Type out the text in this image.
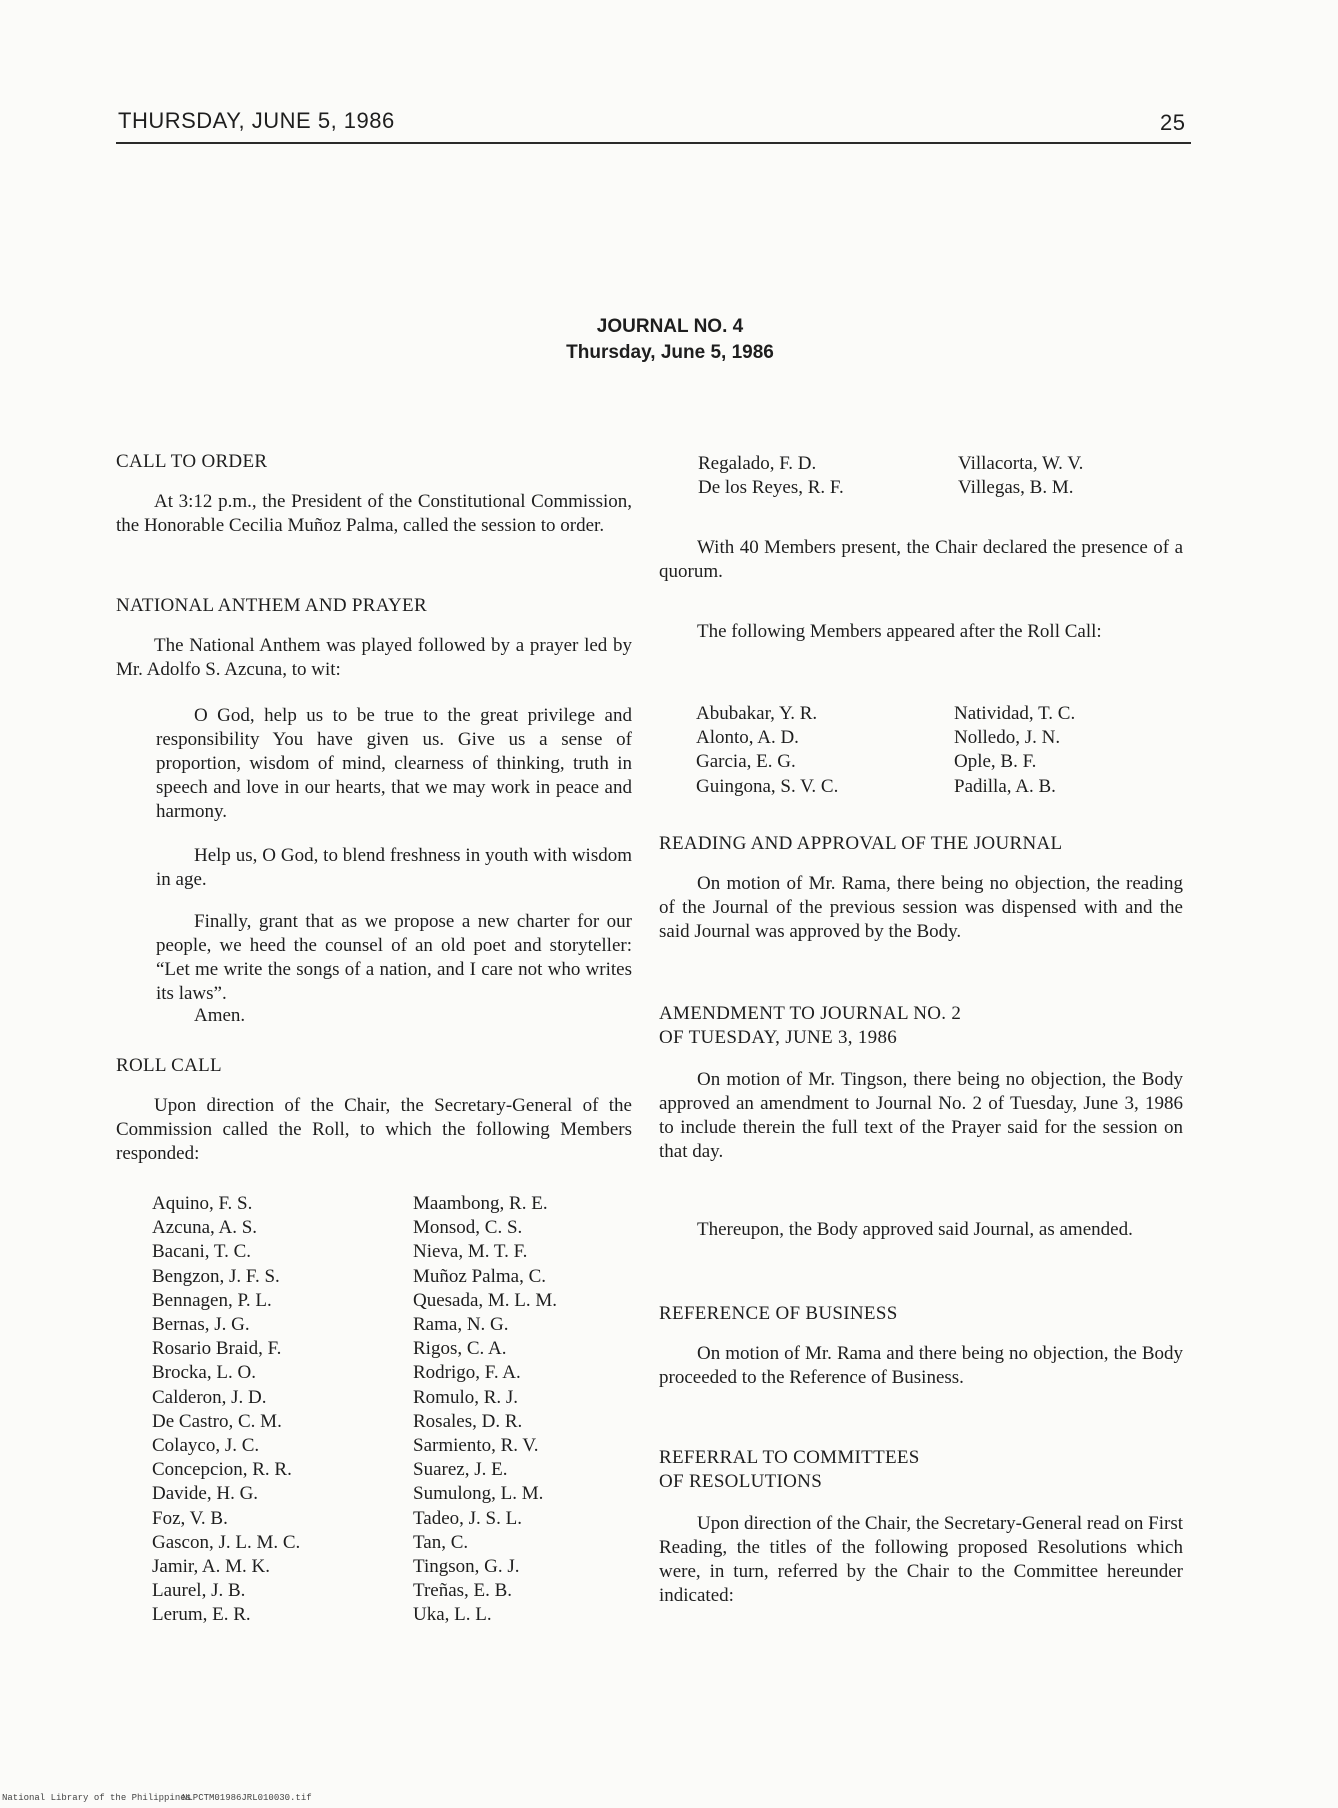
THURSDAY, JUNE 5, 1986	25
JOURNAL NO. 4
Thursday, June 5, 1986
CALL TO ORDER
At 3:12 p.m., the President of the Constitutional Commission, the Honorable Cecilia Muñoz Palma, called the session to order.
NATIONAL ANTHEM AND PRAYER
The National Anthem was played followed by a prayer led by Mr. Adolfo S. Azcuna, to wit:
O God, help us to be true to the great privilege and responsibility You have given us. Give us a sense of proportion, wisdom of mind, clearness of thinking, truth in speech and love in our hearts, that we may work in peace and harmony.
Help us, O God, to blend freshness in youth with wisdom in age.
Finally, grant that as we propose a new charter for our people, we heed the counsel of an old poet and storyteller: “Let me write the songs of a nation, and I care not who writes its laws”.
Amen.
ROLL CALL
Upon direction of the Chair, the Secretary-General of the Commission called the Roll, to which the following Members responded:
Aquino, F. S.
Azcuna, A. S.
Bacani, T. C.
Bengzon, J. F. S.
Bennagen, P. L.
Bernas, J. G.
Rosario Braid, F.
Brocka, L. O.
Calderon, J. D.
De Castro, C. M.
Colayco, J. C.
Concepcion, R. R.
Davide, H. G.
Foz, V. B.
Gascon, J. L. M. C.
Jamir, A. M. K.
Laurel, J. B.
Lerum, E. R.
Maambong, R. E.
Monsod, C. S.
Nieva, M. T. F.
Muñoz Palma, C.
Quesada, M. L. M.
Rama, N. G.
Rigos, C. A.
Rodrigo, F. A.
Romulo, R. J.
Rosales, D. R.
Sarmiento, R. V.
Suarez, J. E.
Sumulong, L. M.
Tadeo, J. S. L.
Tan, C.
Tingson, G. J.
Treñas, E. B.
Uka, L. L.
Regalado, F. D.
De los Reyes, R. F.
Villacorta, W. V.
Villegas, B. M.
With 40 Members present, the Chair declared the presence of a quorum.
The following Members appeared after the Roll Call:
Abubakar, Y. R.
Alonto, A. D.
Garcia, E. G.
Guingona, S. V. C.
Natividad, T. C.
Nolledo, J. N.
Ople, B. F.
Padilla, A. B.
READING AND APPROVAL OF THE JOURNAL
On motion of Mr. Rama, there being no objection, the reading of the Journal of the previous session was dispensed with and the said Journal was approved by the Body.
AMENDMENT TO JOURNAL NO. 2
OF TUESDAY, JUNE 3, 1986
On motion of Mr. Tingson, there being no objection, the Body approved an amendment to Journal No. 2 of Tuesday, June 3, 1986 to include therein the full text of the Prayer said for the session on that day.
Thereupon, the Body approved said Journal, as amended.
REFERENCE OF BUSINESS
On motion of Mr. Rama and there being no objection, the Body proceeded to the Reference of Business.
REFERRAL TO COMMITTEES
OF RESOLUTIONS
Upon direction of the Chair, the Secretary-General read on First Reading, the titles of the following proposed Resolutions which were, in turn, referred by the Chair to the Committee hereunder indicated:
National Library of the Philippines
NLPCTM01986JRL010030.tif
